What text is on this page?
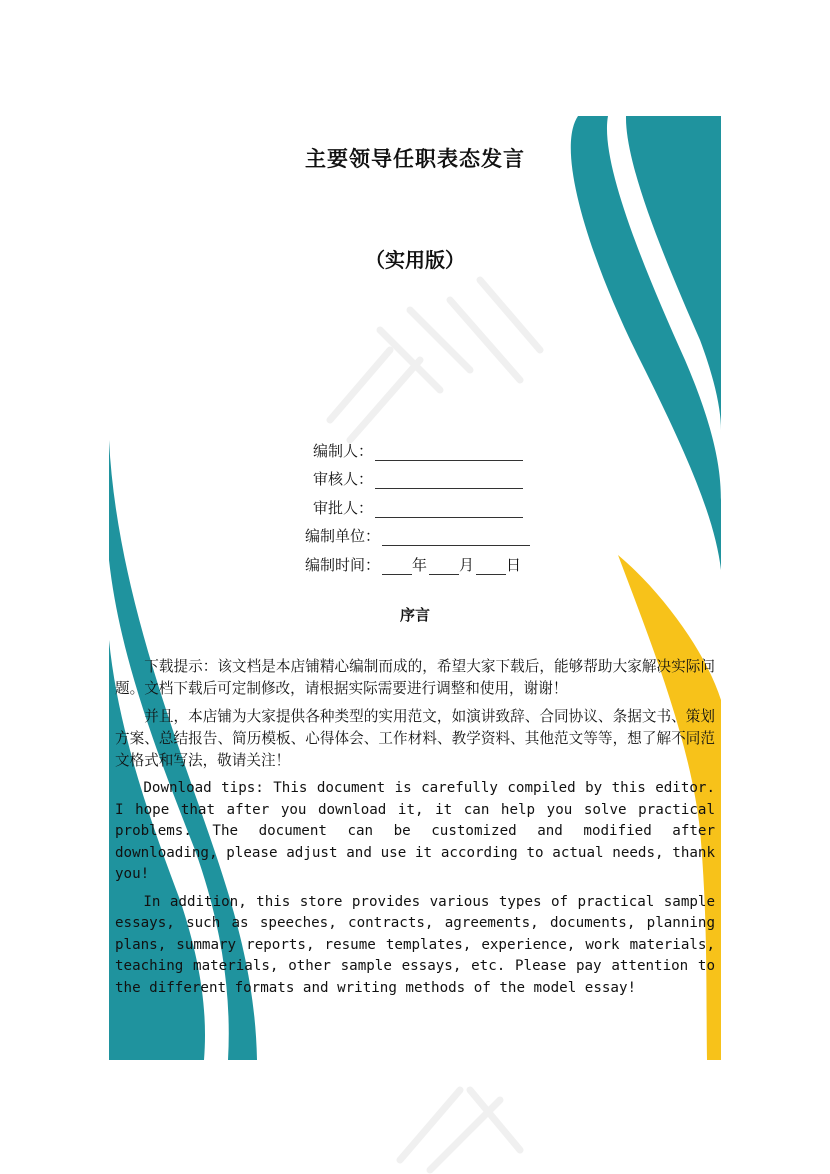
主要领导任职表态发言
（实用版）
编制人：
审核人：
审批人：
编制单位：
编制时间： 年 月 日
序言

下载提示：该文档是本店铺精心编制而成的，希望大家下载后，能够帮助大家解决实际问题。文档下载后可定制修改，请根据实际需要进行调整和使用，谢谢！

并且，本店铺为大家提供各种类型的实用范文，如演讲致辞、合同协议、条据文书、策划方案、总结报告、简历模板、心得体会、工作材料、教学资料、其他范文等等，想了解不同范文格式和写法，敬请关注！

Download tips: This document is carefully compiled by this editor. I hope that after you download it, it can help you solve practical problems. The document can be customized and modified after downloading, please adjust and use it according to actual needs, thank you!

In addition, this store provides various types of practical sample essays, such as speeches, contracts, agreements, documents, planning plans, summary reports, resume templates, experience, work materials, teaching materials, other sample essays, etc. Please pay attention to the different formats and writing methods of the model essay!
